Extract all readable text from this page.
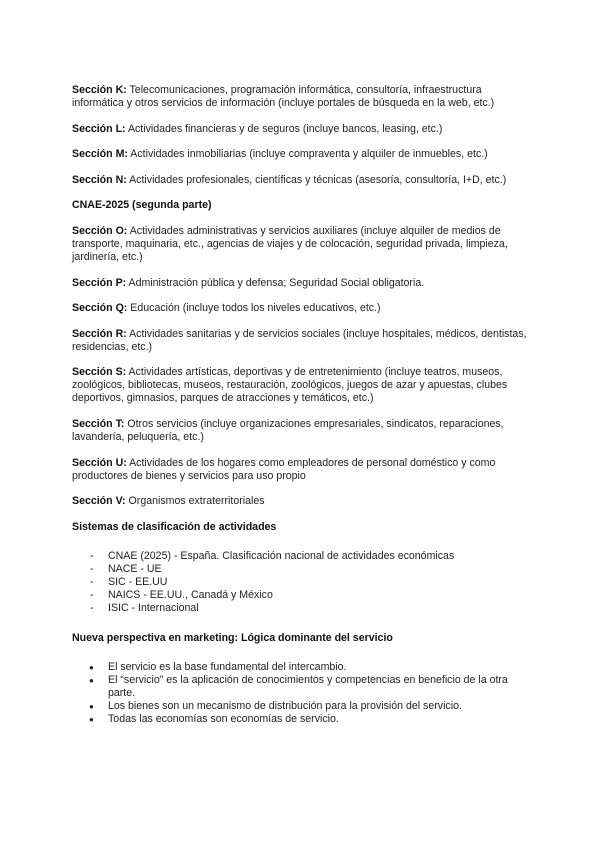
Sección K: Telecomunicaciones, programación informática, consultoría, infraestructura informática y otros servicios de información (incluye portales de búsqueda en la web, etc.)

Sección L: Actividades financieras y de seguros (incluye bancos, leasing, etc.)

Sección M: Actividades inmobiliarias (incluye compraventa y alquiler de inmuebles, etc.)

Sección N: Actividades profesionales, científicas y técnicas (asesoría, consultoría, I+D, etc.)

CNAE-2025 (segunda parte)

Sección O: Actividades administrativas y servicios auxiliares (incluye alquiler de medios de transporte, maquinaria, etc., agencias de viajes y de colocación, seguridad privada, limpieza, jardinería, etc.)

Sección P: Administración pública y defensa; Seguridad Social obligatoria.

Sección Q: Educación (incluye todos los niveles educativos, etc.)

Sección R: Actividades sanitarias y de servicios sociales (incluye hospitales, médicos, dentistas, residencias, etc.)

Sección S: Actividades artísticas, deportivas y de entretenimiento (incluye teatros, museos, zoológicos, bibliotecas, museos, restauración, zoológicos, juegos de azar y apuestas, clubes deportivos, gimnasios, parques de atracciones y temáticos, etc.)

Sección T: Otros servicios (incluye organizaciones empresariales, sindicatos, reparaciones, lavandería, peluquería, etc.)

Sección U: Actividades de los hogares como empleadores de personal doméstico y como productores de bienes y servicios para uso propio

Sección V: Organismos extraterritoriales

Sistemas de clasificación de actividades

- CNAE (2025) - España. Clasificación nacional de actividades económicas
- NACE - UE
- SIC - EE.UU
- NAICS - EE.UU., Canadá y México
- ISIC - Internacional

Nueva perspectiva en marketing: Lógica dominante del servicio

● El servicio es la base fundamental del intercambio.
● El “servicio” es la aplicación de conocimientos y competencias en beneficio de la otra parte.
● Los bienes son un mecanismo de distribución para la provisión del servicio.
● Todas las economías son economías de servicio.
